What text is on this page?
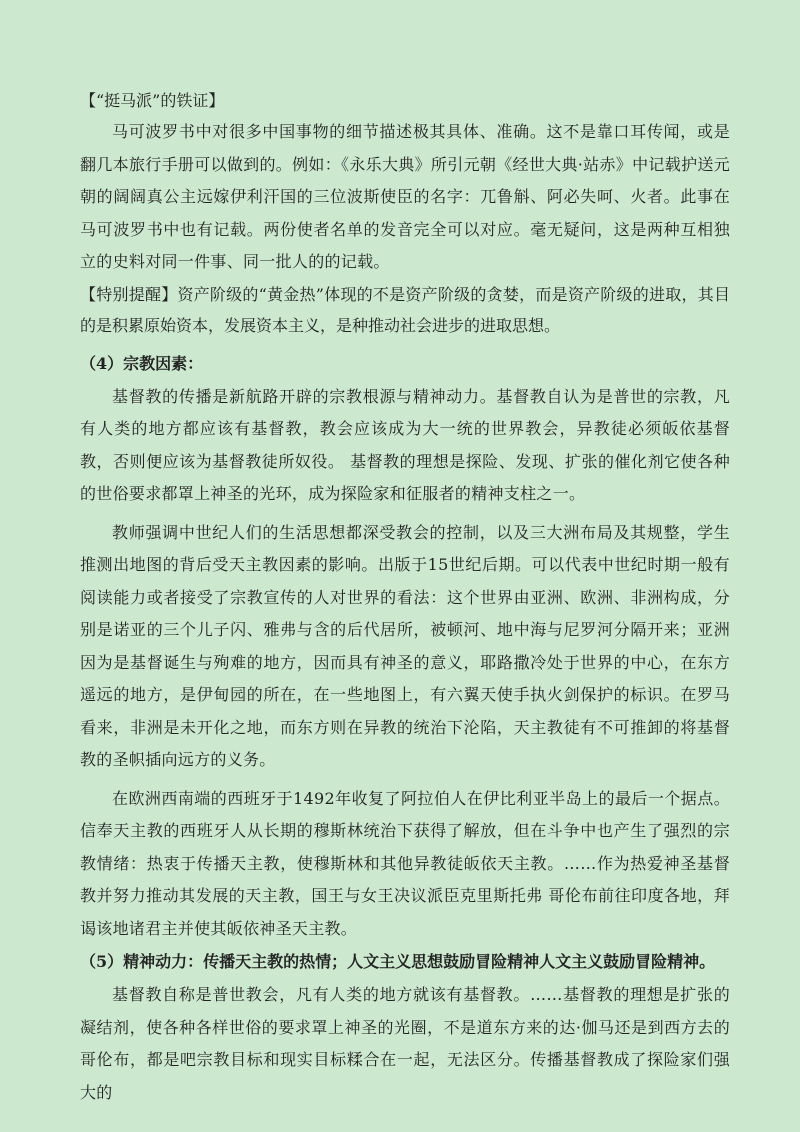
【“挺马派”的铁证】

马可波罗书中对很多中国事物的细节描述极其具体、准确。这不是靠口耳传闻，或是翻几本旅行手册可以做到的。例如：《永乐大典》所引元朝《经世大典·站赤》中记载护送元朝的阔阔真公主远嫁伊利汗国的三位波斯使臣的名字：兀鲁斛、阿必失呵、火者。此事在马可波罗书中也有记载。两份使者名单的发音完全可以对应。毫无疑问，这是两种互相独立的史料对同一件事、同一批人的的记载。

【特别提醒】资产阶级的“黄金热”体现的不是资产阶级的贪婪，而是资产阶级的进取，其目的是积累原始资本，发展资本主义，是种推动社会进步的进取思想。

（4）宗教因素：

基督教的传播是新航路开辟的宗教根源与精神动力。基督教自认为是普世的宗教，凡有人类的地方都应该有基督教，教会应该成为大一统的世界教会，异教徒必须皈依基督教，否则便应该为基督教徒所奴役。 基督教的理想是探险、发现、扩张的催化剂它使各种的世俗要求都罩上神圣的光环，成为探险家和征服者的精神支柱之一。

教师强调中世纪人们的生活思想都深受教会的控制，以及三大洲布局及其规整，学生推测出地图的背后受天主教因素的影响。出版于15世纪后期。可以代表中世纪时期一般有阅读能力或者接受了宗教宣传的人对世界的看法：这个世界由亚洲、欧洲、非洲构成，分别是诺亚的三个儿子闪、雅弗与含的后代居所，被顿河、地中海与尼罗河分隔开来；亚洲因为是基督诞生与殉难的地方，因而具有神圣的意义，耶路撒冷处于世界的中心，在东方遥远的地方，是伊甸园的所在，在一些地图上，有六翼天使手执火剑保护的标识。在罗马看来，非洲是未开化之地，而东方则在异教的统治下沦陷，天主教徒有不可推卸的将基督教的圣帜插向远方的义务。

在欧洲西南端的西班牙于1492年收复了阿拉伯人在伊比利亚半岛上的最后一个据点。信奉天主教的西班牙人从长期的穆斯林统治下获得了解放，但在斗争中也产生了强烈的宗教情绪：热衷于传播天主教，使穆斯林和其他异教徒皈依天主教。……作为热爱神圣基督教并努力推动其发展的天主教，国王与女王决议派臣克里斯托弗 哥伦布前往印度各地，拜谒该地诸君主并使其皈依神圣天主教。

（5）精神动力：传播天主教的热情；人文主义思想鼓励冒险精神人文主义鼓励冒险精神。

基督教自称是普世教会，凡有人类的地方就该有基督教。……基督教的理想是扩张的凝结剂，使各种各样世俗的要求罩上神圣的光圈，不是道东方来的达·伽马还是到西方去的哥伦布，都是吧宗教目标和现实目标糅合在一起，无法区分。传播基督教成了探险家们强大的
